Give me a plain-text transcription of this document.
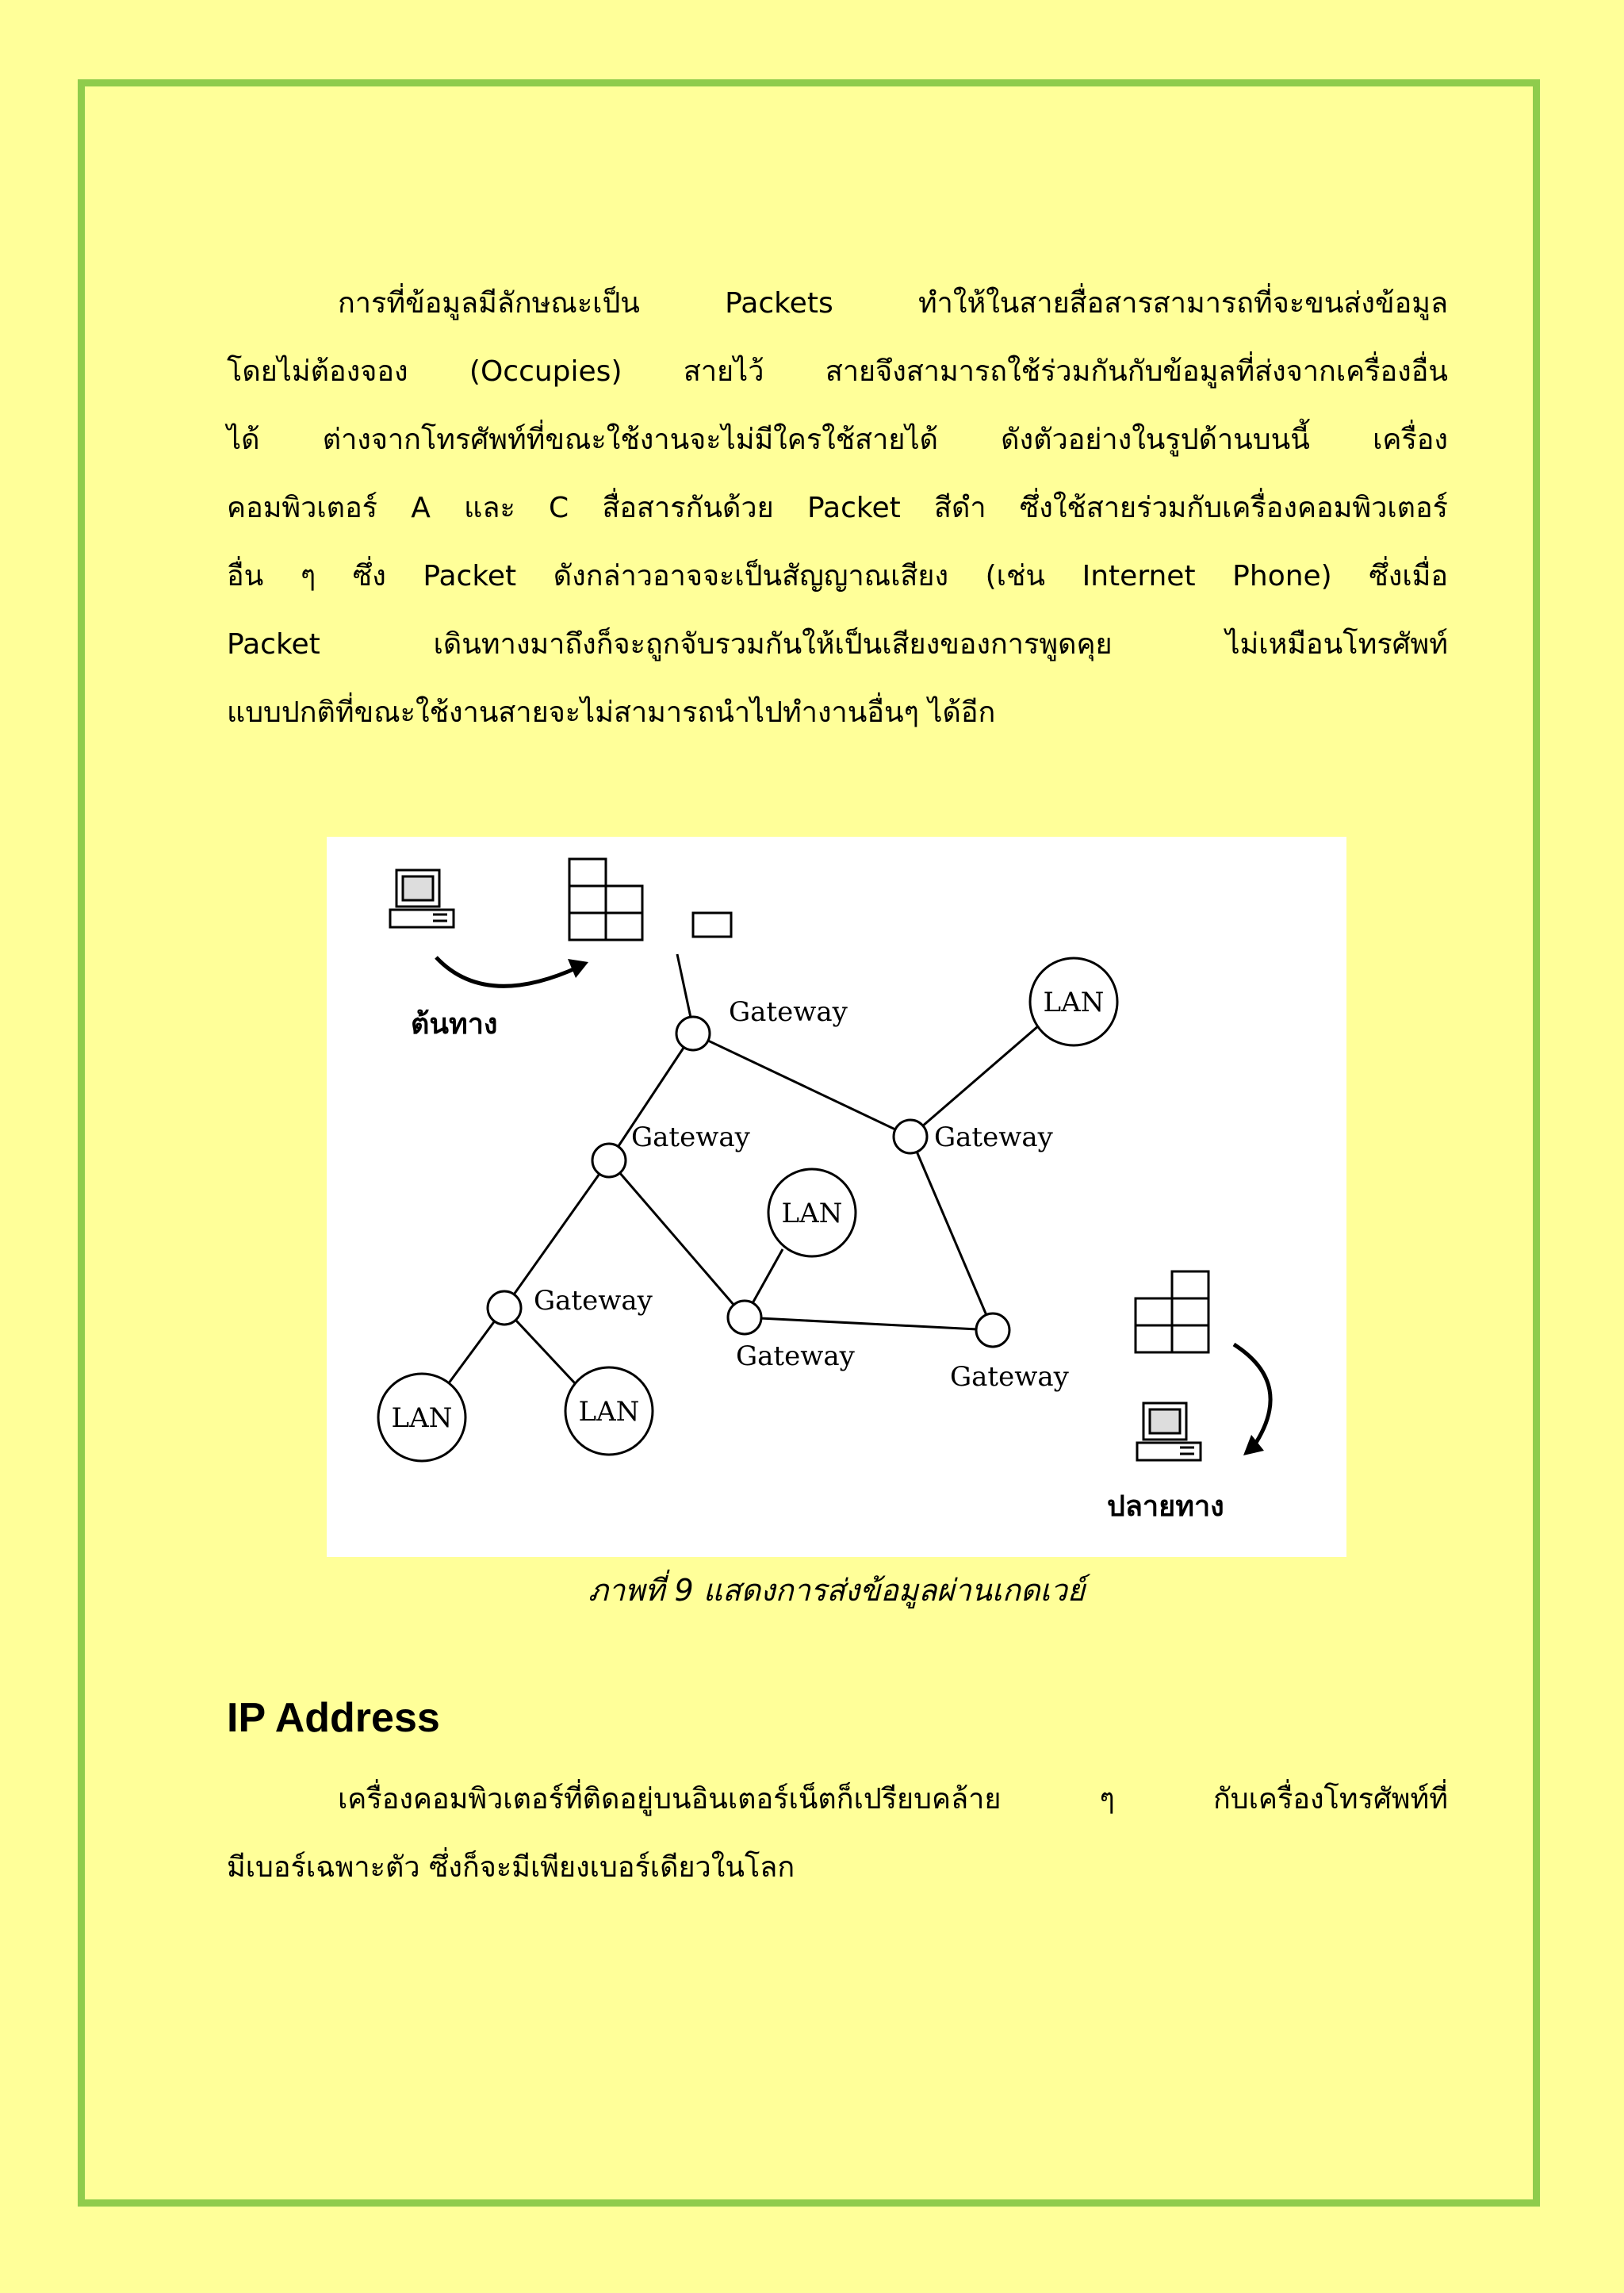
การที่ข้อมูลมีลักษณะเป็น Packets ทำให้ในสายสื่อสารสามารถที่จะขนส่งข้อมูล
โดยไม่ต้องจอง (Occupies) สายไว้ สายจึงสามารถใช้ร่วมกันกับข้อมูลที่ส่งจากเครื่องอื่น
ได้ ต่างจากโทรศัพท์ที่ขณะใช้งานจะไม่มีใครใช้สายได้ ดังตัวอย่างในรูปด้านบนนี้ เครื่อง
คอมพิวเตอร์ A และ C สื่อสารกันด้วย Packet สีดำ ซึ่งใช้สายร่วมกับเครื่องคอมพิวเตอร์
อื่น ๆ ซึ่ง Packet ดังกล่าวอาจจะเป็นสัญญาณเสียง (เช่น Internet Phone) ซึ่งเมื่อ
Packet เดินทางมาถึงก็จะถูกจับรวมกันให้เป็นเสียงของการพูดคุย ไม่เหมือนโทรศัพท์
แบบปกติที่ขณะใช้งานสายจะไม่สามารถนำไปทำงานอื่นๆ ได้อีก
Gateway
Gateway	Gateway
Gateway
Gateway
Gateway
LAN
LAN
LAN	LAN
ต้นทาง
ปลายทาง
ภาพที่ 9 แสดงการส่งข้อมูลผ่านเกดเวย์
IP Address
เครื่องคอมพิวเตอร์ที่ติดอยู่บนอินเตอร์เน็ตก็เปรียบคล้าย ๆ กับเครื่องโทรศัพท์ที่
มีเบอร์เฉพาะตัว ซึ่งก็จะมีเพียงเบอร์เดียวในโลก
